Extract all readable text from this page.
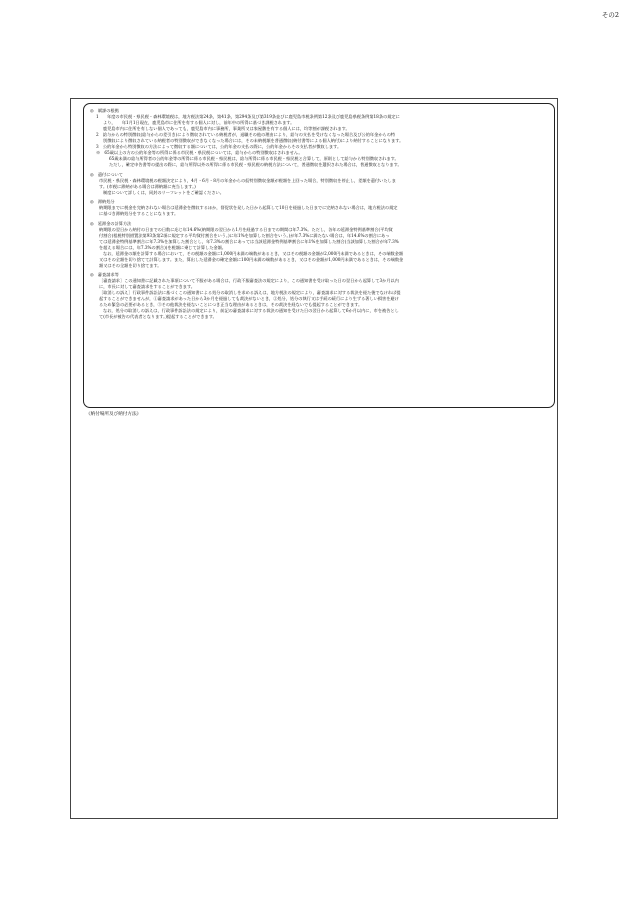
その2
◎　賦課の根拠
1　　年度の市民税・県民税・森林環境税は，地方税法第24条，第41条，第294条及び第319条並びに鹿児島市税条例第12条及び鹿児島県税条例第18条の規定に
より，　　年1月1日現在，鹿児島市に住所を有する個人に対し，前年中の所得に基づき課税されます。
鹿児島市内に住所を有しない個人であっても，鹿児島市内に事務所，事業所又は家屋敷を有する個人には，均等割が課税されます。
2　給与からの特別徴収(給与からの差引き)により徴収されている納税者が，退職その他の理由により，給与の支払を受けなくなった場合及び公的年金からの特
別徴収により徴収されている納税者の特別徴収ができなくなった場合には，その未納税額を普通徴収(納付書等による個人納付)により納付することになります。
3　公的年金から特別徴収の方法によって徴収する額については，公的年金の支払の際に，公的年金からその支払者が徴収します。
※　65歳以上の方の公的年金等の所得に係る市民税・県民税については，給与からの特別徴収はされません。
65歳未満の給与所得者の公的年金等の所得に係る市民税・県民税は，給与所得に係る市民税・県民税と合算して，原則として給与から特別徴収されます。
ただし，確定申告書等の提出の際に，給与所得以外の所得に係る市民税・県民税の納税方法について，普通徴収を選択された場合は，普通徴収となります。
◎　還付について
市民税・県民税・森林環境税の税額決定により，4月・6月・8月の年金からの仮特別徴収金額が税額を上回った場合，特別徴収を停止し，差額を還付いたしま
す。(市税に滞納がある場合は滞納額に充当します。)
制度について詳しくは，同封のリーフレットをご確認ください。
◎　滞納処分
納期限までに税金を完納されない場合は延滞金を徴収するほか，督促状を発した日から起算して10日を経過した日までに完納されない場合は，地方税法の規定
に基づき滞納処分をすることになります。
◎　延滞金の計算方法
納期限の翌日から納付の日までの日数に応じ年14.6%(納期限の翌日から1月を経過する日までの期間は年7.3%。ただし，各年の延滞金特例基準割合(平均貸
付割合(租税特別措置法第93条第2項に規定する平均貸付割合をいう。)に年1%を加算した割合をいう。)が年7.3%に満たない場合は，年14.6%の割合にあっ
ては延滞金特例基準割合に年7.3%を加算した割合とし，年7.3%の割合にあっては当該延滞金特例基準割合に年1%を加算した割合(当該加算した割合が年7.3%
を超える場合には，年7.3%の割合))を税額に乗じて計算した金額。
なお，延滞金の額を計算する場合において，その税額の金額に1,000円未満の端数があるとき，又はその税額の金額が2,000円未満であるときは，その端数金額
又はその全額を切り捨てて計算します。また，算出した延滞金の確定金額に100円未満の端数があるとき，又はその金額が1,000円未満であるときは，その端数金
額又はその全額を切り捨てます。
◎　審査請求等
［審査請求］この通知書に記載された事項について不服がある場合は，行政不服審査法の規定により，この通知書を受け取った日の翌日から起算して3か月以内
に，市長に対して審査請求をすることができます。
［取消しの訴え］行政事件訴訟法に基づくこの通知書による処分の取消しを求める訴えは，地方税法の規定により，審査請求に対する裁決を経た後でなければ提
起することができませんが，①審査請求があった日から3か月を経過しても裁決がないとき，②処分，処分の執行又は手続の続行により生ずる著しい損害を避け
るため緊急の必要があるとき，③その他裁決を経ないことにつき正当な理由があるときは，その裁決を経ないでも提起することができます。
なお，処分の取消しの訴えは，行政事件訴訟法の規定により，前記の審査請求に対する裁決の通知を受けた日の翌日から起算して6か月以内に，市を被告とし
て(市長が被告の代表者となります。)提起することができます。
《納付場所及び納付方法》
